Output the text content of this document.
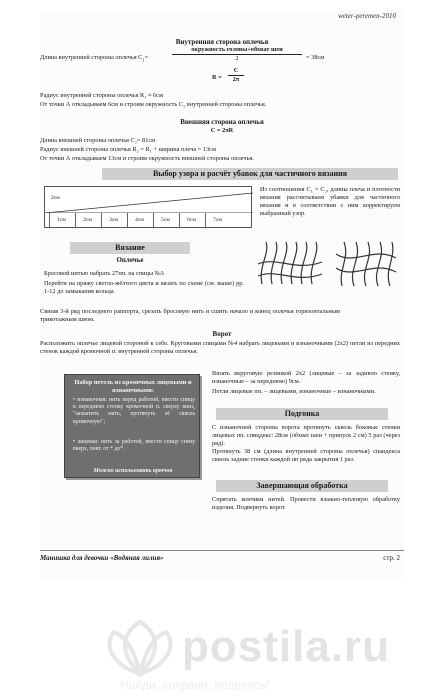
weter-peremen-2010
Внутренняя сторона оплечья
Длина внутренней стороны оплечья $С_1=$
окружность головы+обхват шеи
2	= 38см
R =
С
2π
Радиус внутренней стороны оплечья R₁ ≈ 6см
От точки А откладываем 6см и строим окружность С₁ внутренней стороны оплечья.
Внешняя сторона оплечья
С = 2πR
Длина внешней стороны оплечья С₂= 81см
Радиус внешней стороны оплечья R₂ = R₁ + ширина плеча = 13см
От точки А откладываем 13см и строим окружность внешней стороны оплечья.
Выбор узора и расчёт убавок для частичного вязания
2см
1см	2см	3см	4см	5см	6см	7см
Из соотношения С₁ × С₂, длины плеча и плотности вязания рассчитываем убавки для частичного вязания и в соответствии с ним корректируем выбранный узор.
Вязание
Оплечье
Бросовой нитью набрать 27пп. на спицы №3
Перейти на пряжу светло-жёлтого цвета и вязать по схеме (см. выше) рр. 1-12 до замыкания кольца.
Связав 3-й ряд последнего раппорта, срезать бросовую нить и сшить начало и конец оплечья горизонтальным трикотажным швом.
Ворот
Расположить оплечье лицевой стороной к себе. Круговыми спицами №4 набрать лицевыми и изнаночными (2х2) петли из передних стенок каждой кромочной п. внутренней стороны оплечья.
Вязать вкруговую резинкой 2х2 (лицевые – за заднюю стенку, изнаночные – за переднюю) 9см.
Петли лицевые пп. – лицевыми, изнаночные – изнаночными.
Набор петель из кромочных лицевыми и изнаночными:
• изнаночная: нить перед работой, ввести спицу в переднюю стенку кромочной п. сверху вниз, "захватить нить, протянуть её сквозь кромочную";
• лицевая: нить за работой, ввести спицу снизу вверх, повт. от * до*.
Можно использовать крючок
Подгонка
С изнаночной стороны ворота протянуть сквозь боковые стенки лицевых пп. спицдекс: 28см (обхват шеи + припуск 2 см) 5 раз (через ряд).
Протянуть 38 см (длина внутренней стороны оплечья) спандекса сквозь задние стенки каждой пп ряда закрытия 1 раз.
Завершающая обработка
Спрятать кончики нитей. Провести влажно-тепловую обработку изделия. Подвернуть ворот.
Манишка для девочки «Водяная лилия»	стр. 2
postila.ru
Найди, сохрани, поделись!
